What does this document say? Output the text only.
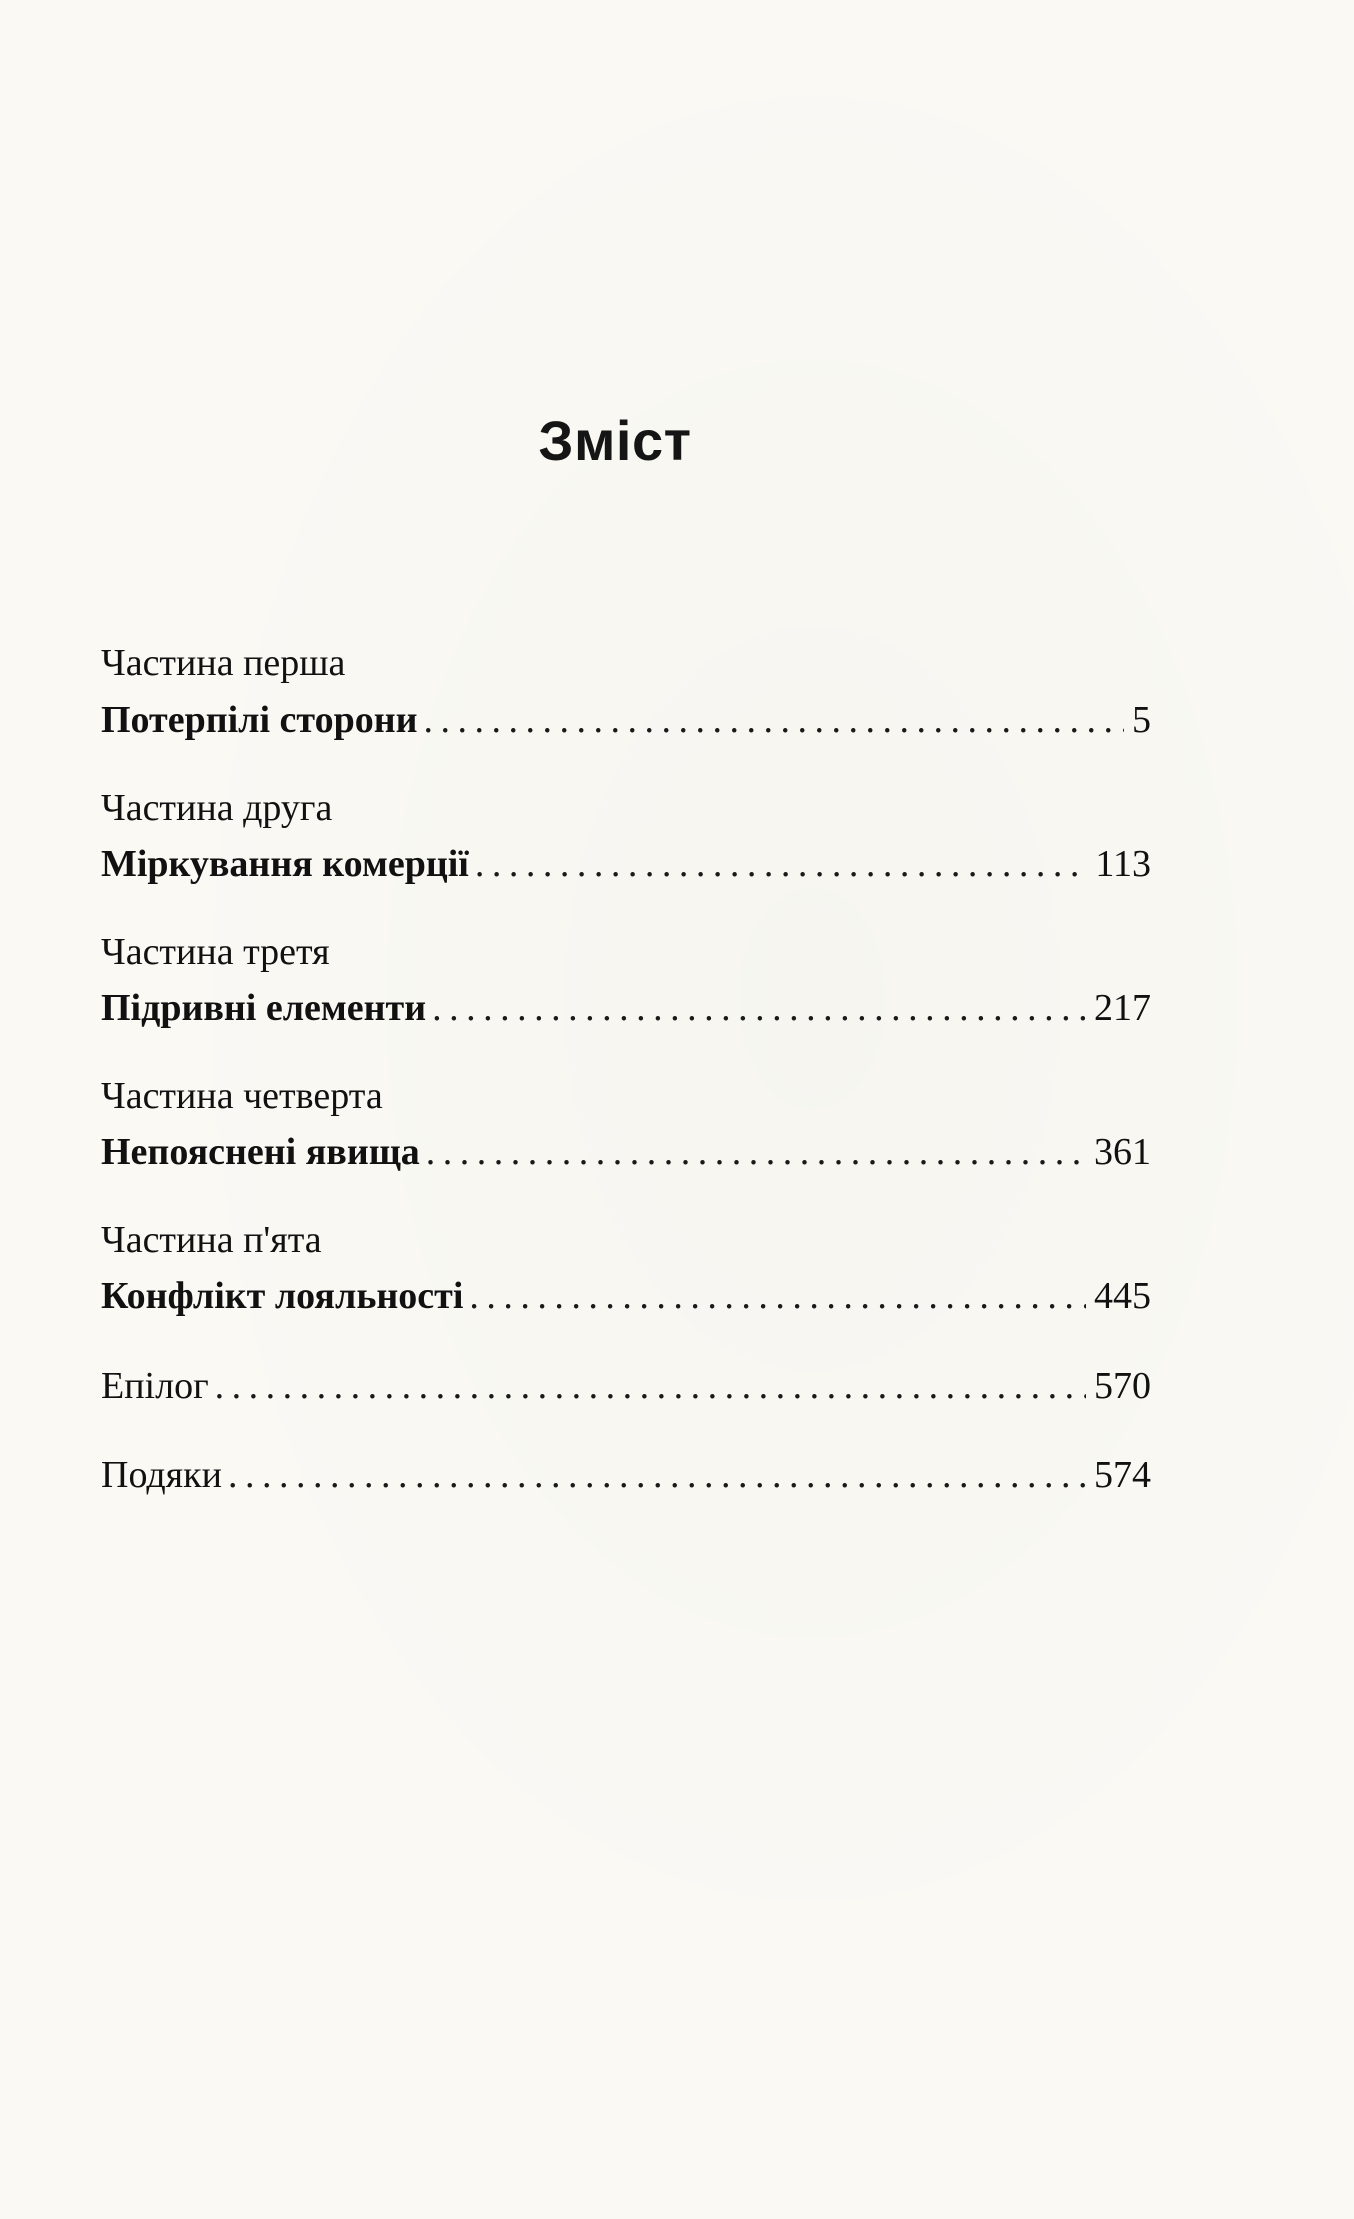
Зміст
Частина перша
Потерпілі сторони . . .	5
Частина друга
Міркування комерції . . .	113
Частина третя
Підривні елементи . . .	217
Частина четверта
Непояснені явища . . .	361
Частина п'ята
Конфлікт лояльності . . .	445
Епілог . . .	570
Подяки . . .	574
